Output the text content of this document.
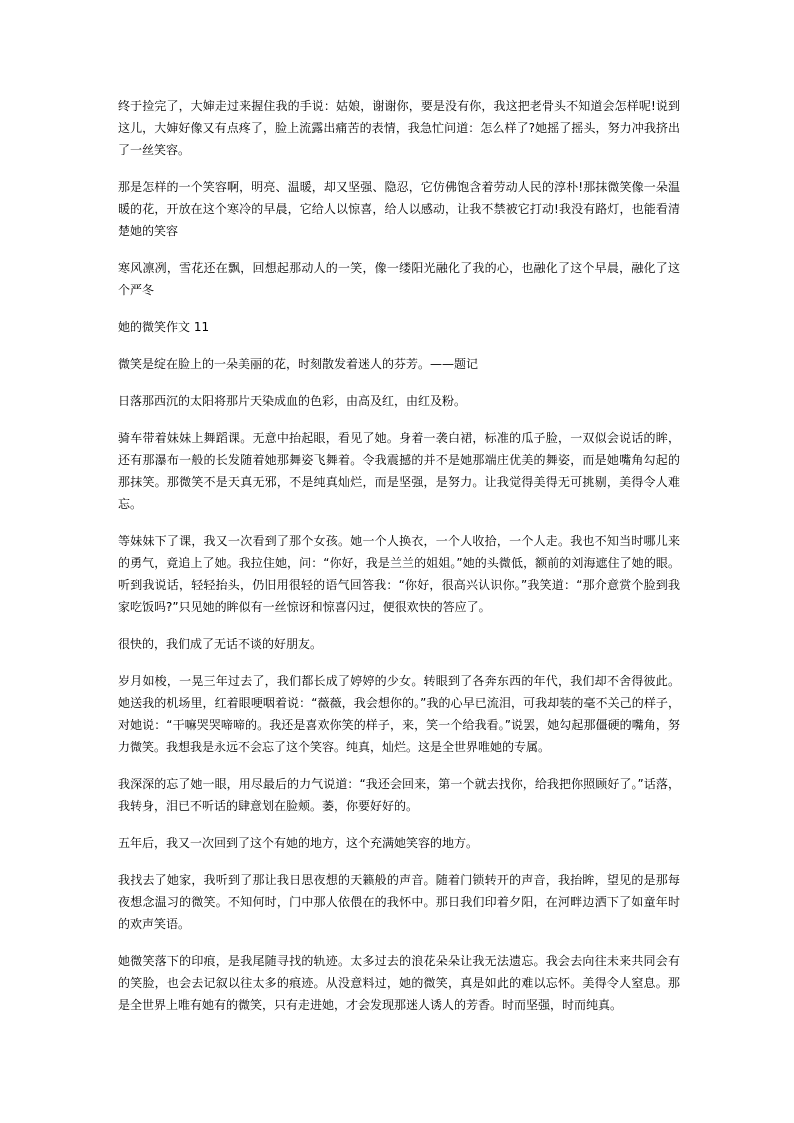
终于捡完了，大婶走过来握住我的手说：姑娘，谢谢你，要是没有你，我这把老骨头不知道会怎样呢!说到这儿，大婶好像又有点疼了，脸上流露出痛苦的表情，我急忙问道：怎么样了?她摇了摇头，努力冲我挤出了一丝笑容。

那是怎样的一个笑容啊，明亮、温暖，却又坚强、隐忍，它仿佛饱含着劳动人民的淳朴!那抹微笑像一朵温暖的花，开放在这个寒冷的早晨，它给人以惊喜，给人以感动，让我不禁被它打动!我没有路灯，也能看清楚她的笑容

寒风凛冽，雪花还在飘，回想起那动人的一笑，像一缕阳光融化了我的心，也融化了这个早晨，融化了这个严冬

她的微笑作文 11

微笑是绽在脸上的一朵美丽的花，时刻散发着迷人的芬芳。——题记

日落那西沉的太阳将那片天染成血的色彩，由高及红，由红及粉。

骑车带着妹妹上舞蹈课。无意中抬起眼，看见了她。身着一袭白裙，标准的瓜子脸，一双似会说话的眸，还有那瀑布一般的长发随着她那舞姿飞舞着。令我震撼的并不是她那端庄优美的舞姿，而是她嘴角勾起的那抹笑。那微笑不是天真无邪，不是纯真灿烂，而是坚强，是努力。让我觉得美得无可挑剔，美得令人难忘。

等妹妹下了课，我又一次看到了那个女孩。她一个人换衣，一个人收拾，一个人走。我也不知当时哪儿来的勇气，竟追上了她。我拉住她，问：“你好，我是兰兰的姐姐。”她的头微低，额前的刘海遮住了她的眼。听到我说话，轻轻抬头，仍旧用很轻的语气回答我：“你好，很高兴认识你。”我笑道：“那介意赏个脸到我家吃饭吗?”只见她的眸似有一丝惊讶和惊喜闪过，便很欢快的答应了。

很快的，我们成了无话不谈的好朋友。

岁月如梭，一晃三年过去了，我们都长成了婷婷的少女。转眼到了各奔东西的年代，我们却不舍得彼此。她送我的机场里，红着眼哽咽着说：“薇薇，我会想你的。”我的心早已流泪，可我却装的毫不关己的样子，对她说：“干嘛哭哭啼啼的。我还是喜欢你笑的样子，来，笑一个给我看。”说罢，她勾起那僵硬的嘴角，努力微笑。我想我是永远不会忘了这个笑容。纯真，灿烂。这是全世界唯她的专属。

我深深的忘了她一眼，用尽最后的力气说道：“我还会回来，第一个就去找你，给我把你照顾好了。”话落，我转身，泪已不听话的肆意划在脸颊。萎，你要好好的。

五年后，我又一次回到了这个有她的地方，这个充满她笑容的地方。

我找去了她家，我听到了那让我日思夜想的天籁般的声音。随着门锁转开的声音，我抬眸，望见的是那每夜想念温习的微笑。不知何时，门中那人依偎在的我怀中。那日我们印着夕阳，在河畔边洒下了如童年时的欢声笑语。

她微笑落下的印痕，是我尾随寻找的轨迹。太多过去的浪花朵朵让我无法遗忘。我会去向往未来共同会有的笑脸，也会去记叙以往太多的痕迹。从没意料过，她的微笑，真是如此的难以忘怀。美得令人窒息。那是全世界上唯有她有的微笑，只有走进她，才会发现那迷人诱人的芳香。时而坚强，时而纯真。
